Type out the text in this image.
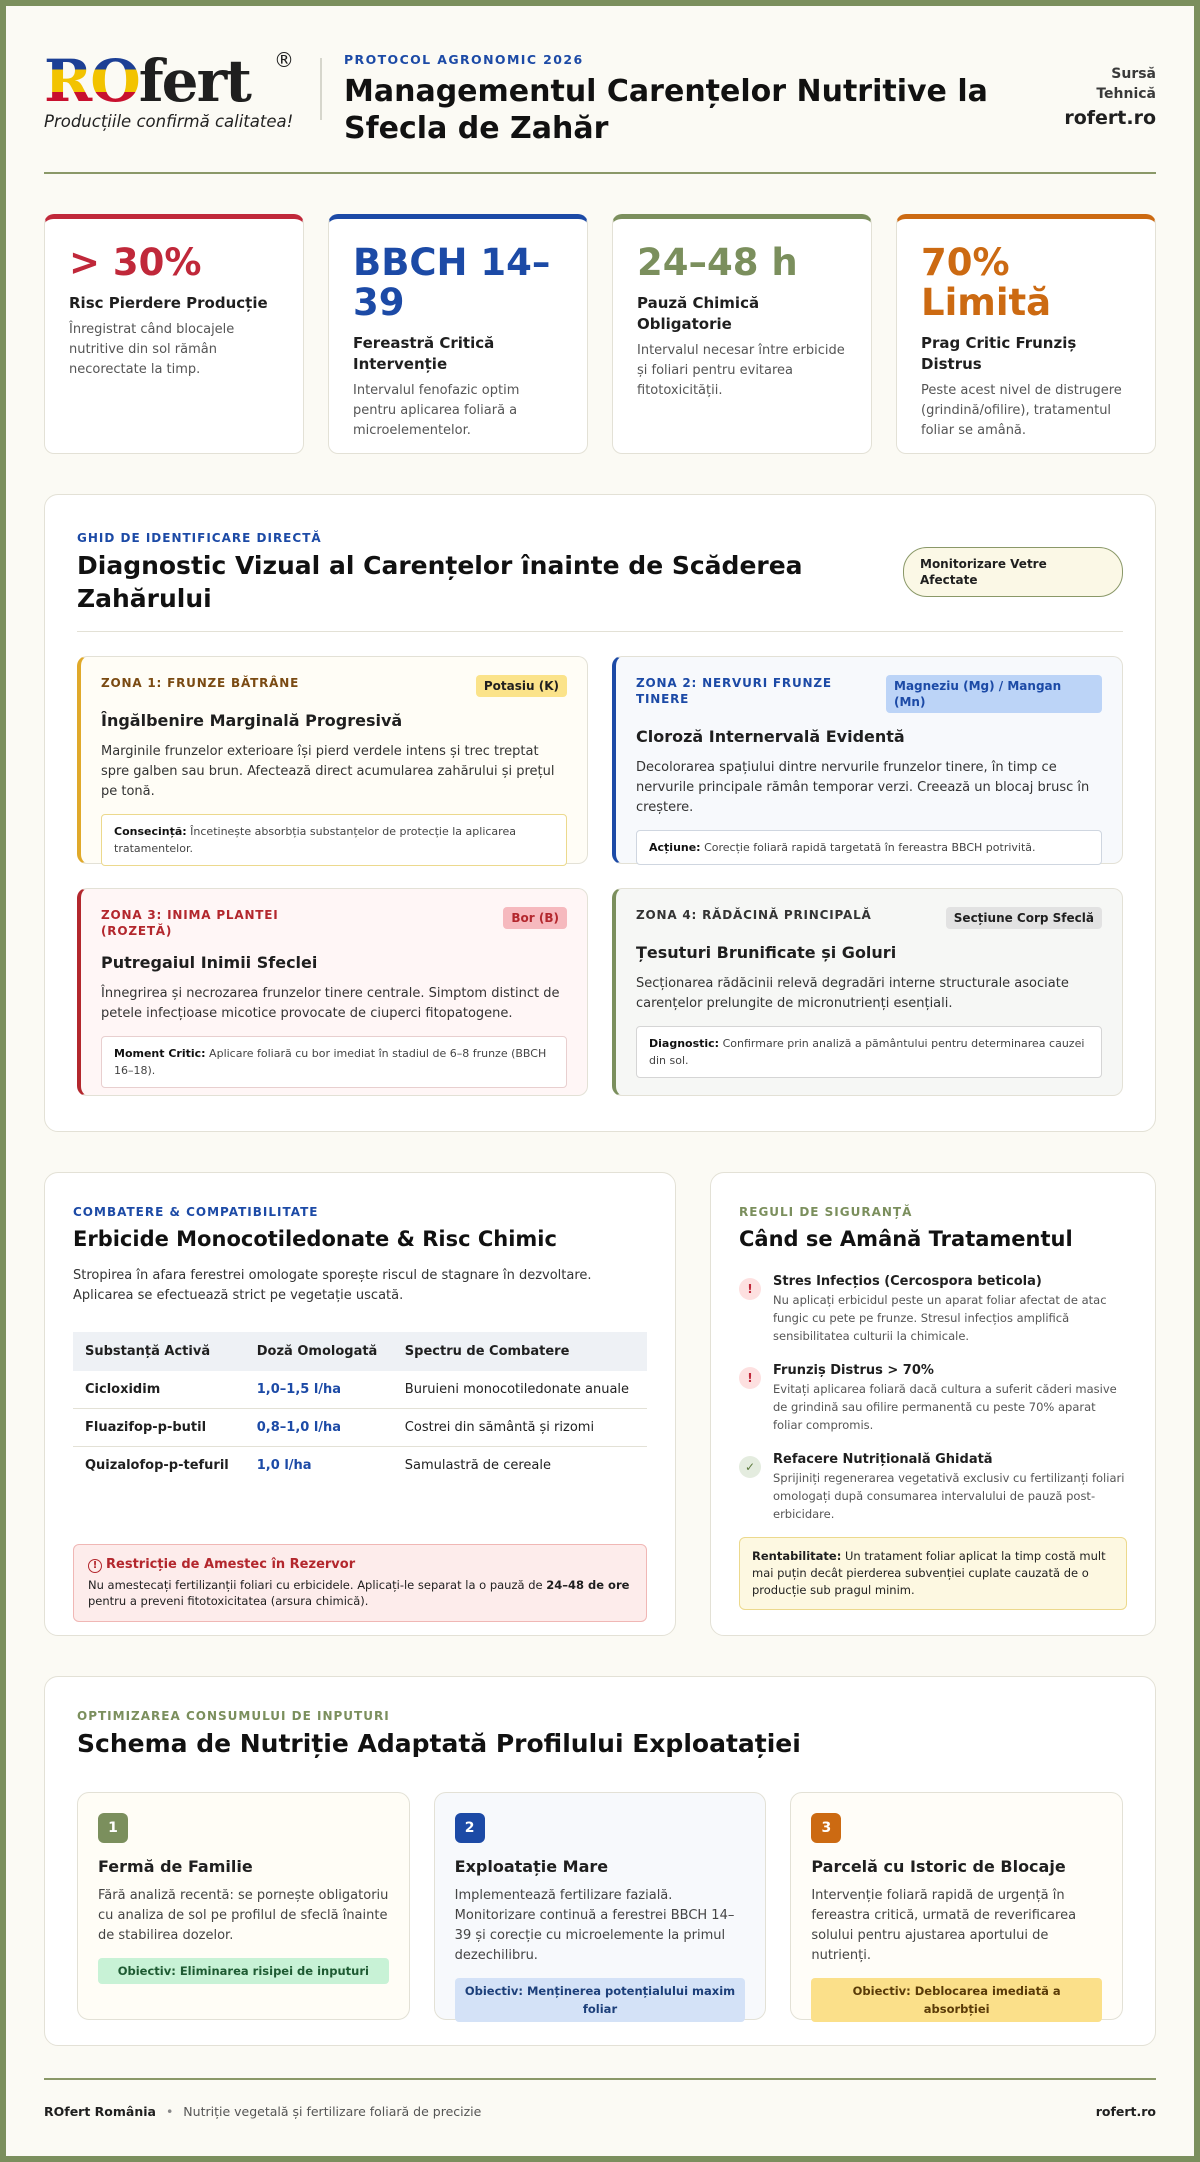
ROfert	®
Producțiile confirmă calitatea!
PROTOCOL AGRONOMIC 2026
Managementul Carențelor Nutritive la Sfecla de Zahăr
Sursă
Tehnică
rofert.ro
> 30%
Risc Pierdere Producție
Înregistrat când blocajele nutritive din sol rămân necorectate la timp.
BBCH 14–39
Fereastră Critică Intervenție
Intervalul fenofazic optim pentru aplicarea foliară a microelementelor.
24–48 h
Pauză Chimică Obligatorie
Intervalul necesar între erbicide și foliari pentru evitarea fitotoxicității.
70% Limită
Prag Critic Frunziș Distrus
Peste acest nivel de distrugere (grindină/ofilire), tratamentul foliar se amână.
GHID DE IDENTIFICARE DIRECTĂ
Diagnostic Vizual al Carențelor înainte de Scăderea Zahărului
Monitorizare Vetre Afectate
ZONA 1: FRUNZE BĂTRÂNE	Potasiu (K)
Îngălbenire Marginală Progresivă
Marginile frunzelor exterioare își pierd verdele intens și trec treptat spre galben sau brun. Afectează direct acumularea zahărului și prețul pe tonă.
Consecință: Încetinește absorbția substanțelor de protecție la aplicarea tratamentelor.
ZONA 2: NERVURI FRUNZE TINERE
Magneziu (Mg) / Mangan (Mn)
Cloroză Internervală Evidentă
Decolorarea spațiului dintre nervurile frunzelor tinere, în timp ce nervurile principale rămân temporar verzi. Creează un blocaj brusc în creștere.
Acțiune: Corecție foliară rapidă targetată în fereastra BBCH potrivită.
ZONA 3: INIMA PLANTEI (ROZETĂ)
Bor (B)
Putregaiul Inimii Sfeclei
Înnegrirea și necrozarea frunzelor tinere centrale. Simptom distinct de petele infecțioase micotice provocate de ciuperci fitopatogene.
Moment Critic: Aplicare foliară cu bor imediat în stadiul de 6–8 frunze (BBCH 16–18).
ZONA 4: RĂDĂCINĂ PRINCIPALĂ	Secțiune Corp Sfeclă
Țesuturi Brunificate și Goluri
Secționarea rădăcinii relevă degradări interne structurale asociate carențelor prelungite de micronutrienți esențiali.
Diagnostic: Confirmare prin analiză a pământului pentru determinarea cauzei din sol.
COMBATERE & COMPATIBILITATE
Erbicide Monocotiledonate & Risc Chimic
Stropirea în afara ferestrei omologate sporește riscul de stagnare în dezvoltare. Aplicarea se efectuează strict pe vegetație uscată.
Substanță Activă	Doză Omologată	Spectru de Combatere
Cicloxidim	1,0–1,5 l/ha	Buruieni monocotiledonate anuale
Fluazifop-p-butil	0,8–1,0 l/ha	Costrei din sământă și rizomi
Quizalofop-p-tefuril	1,0 l/ha	Samulastră de cereale
! Restricție de Amestec în Rezervor
Nu amestecați fertilizanții foliari cu erbicidele. Aplicați-le separat la o pauză de 24–48 de ore pentru a preveni fitotoxicitatea (arsura chimică).
REGULI DE SIGURANȚĂ
Când se Amână Tratamentul
!	Stres Infecțios (Cercospora beticola)
Nu aplicați erbicidul peste un aparat foliar afectat de atac fungic cu pete pe frunze. Stresul infecțios amplifică sensibilitatea culturii la chimicale.
!	Frunziș Distrus > 70%
Evitați aplicarea foliară dacă cultura a suferit căderi masive de grindină sau ofilire permanentă cu peste 70% aparat foliar compromis.
✓	Refacere Nutrițională Ghidată
Sprijiniți regenerarea vegetativă exclusiv cu fertilizanți foliari omologați după consumarea intervalului de pauză post-erbicidare.
Rentabilitate: Un tratament foliar aplicat la timp costă mult mai puțin decât pierderea subvenției cuplate cauzată de o producție sub pragul minim.
OPTIMIZAREA CONSUMULUI DE INPUTURI
Schema de Nutriție Adaptată Profilului Exploatației
1
Fermă de Familie
Fără analiză recentă: se pornește obligatoriu cu analiza de sol pe profilul de sfeclă înainte de stabilirea dozelor.
Obiectiv: Eliminarea risipei de inputuri
2
Exploatație Mare
Implementează fertilizare fazială. Monitorizare continuă a ferestrei BBCH 14–39 și corecție cu microelemente la primul dezechilibru.
Obiectiv: Menținerea potențialului maxim foliar
3
Parcelă cu Istoric de Blocaje
Intervenție foliară rapidă de urgență în fereastra critică, urmată de reverificarea solului pentru ajustarea aportului de nutrienți.
Obiectiv: Deblocarea imediată a absorbției
ROfert România • Nutriție vegetală și fertilizare foliară de precizie	rofert.ro
